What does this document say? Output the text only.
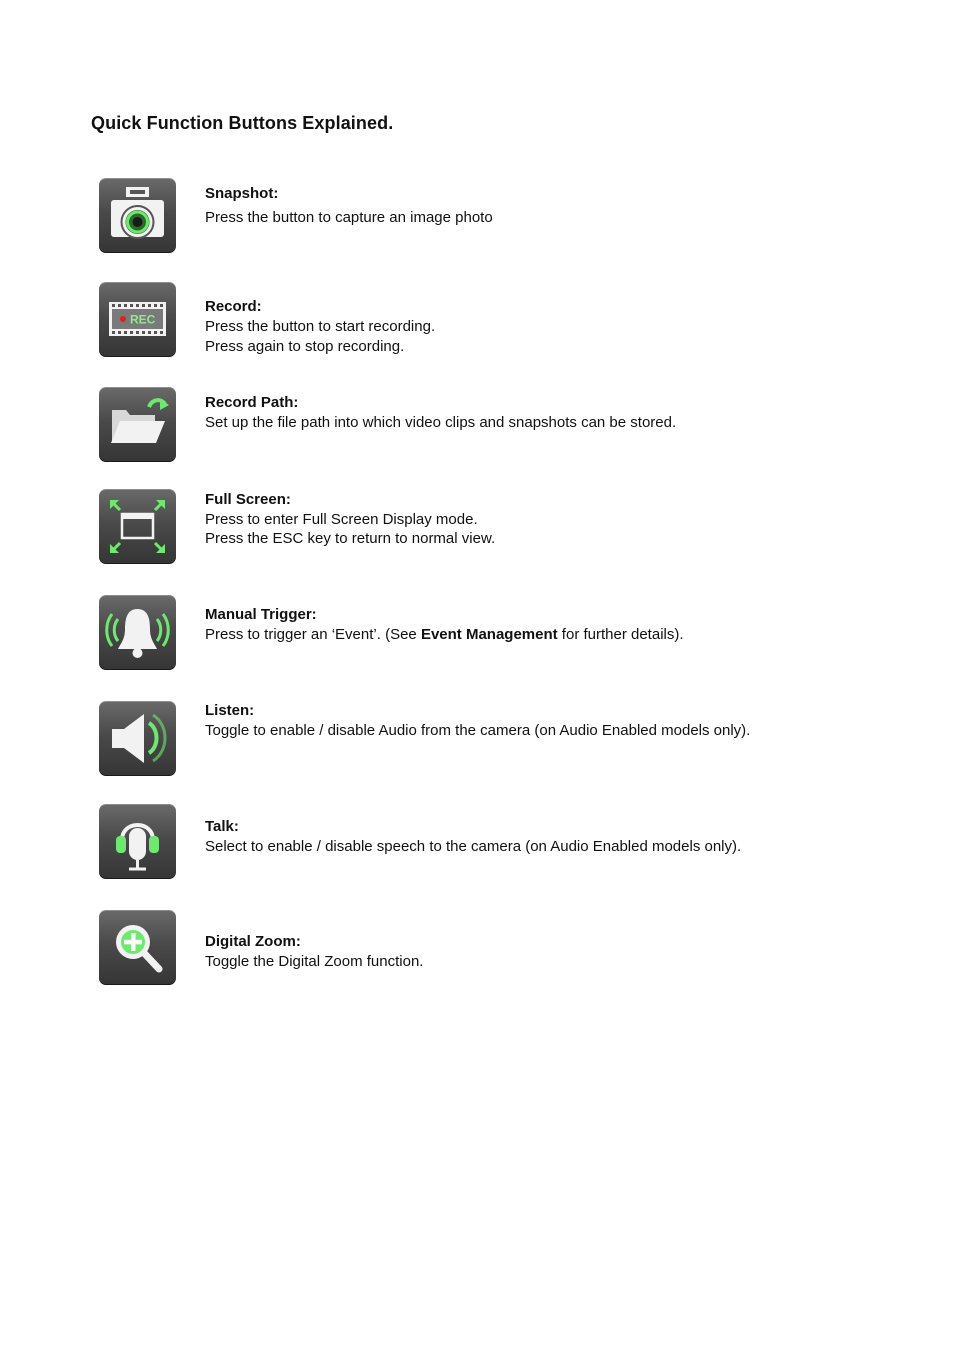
Quick Function Buttons Explained.
Snapshot:
Press the button to capture an image photo
REC
Record:
Press the button to start recording.
Press again to stop recording.
Record Path:
Set up the file path into which video clips and snapshots can be stored.
Full Screen:
Press to enter Full Screen Display mode.
Press the ESC key to return to normal view.
Manual Trigger:
Press to trigger an ‘Event’. (See Event Management for further details).
Listen:
Toggle to enable / disable Audio from the camera (on Audio Enabled models only).
Talk:
Select to enable / disable speech to the camera (on Audio Enabled models only).
Digital Zoom:
Toggle the Digital Zoom function.
